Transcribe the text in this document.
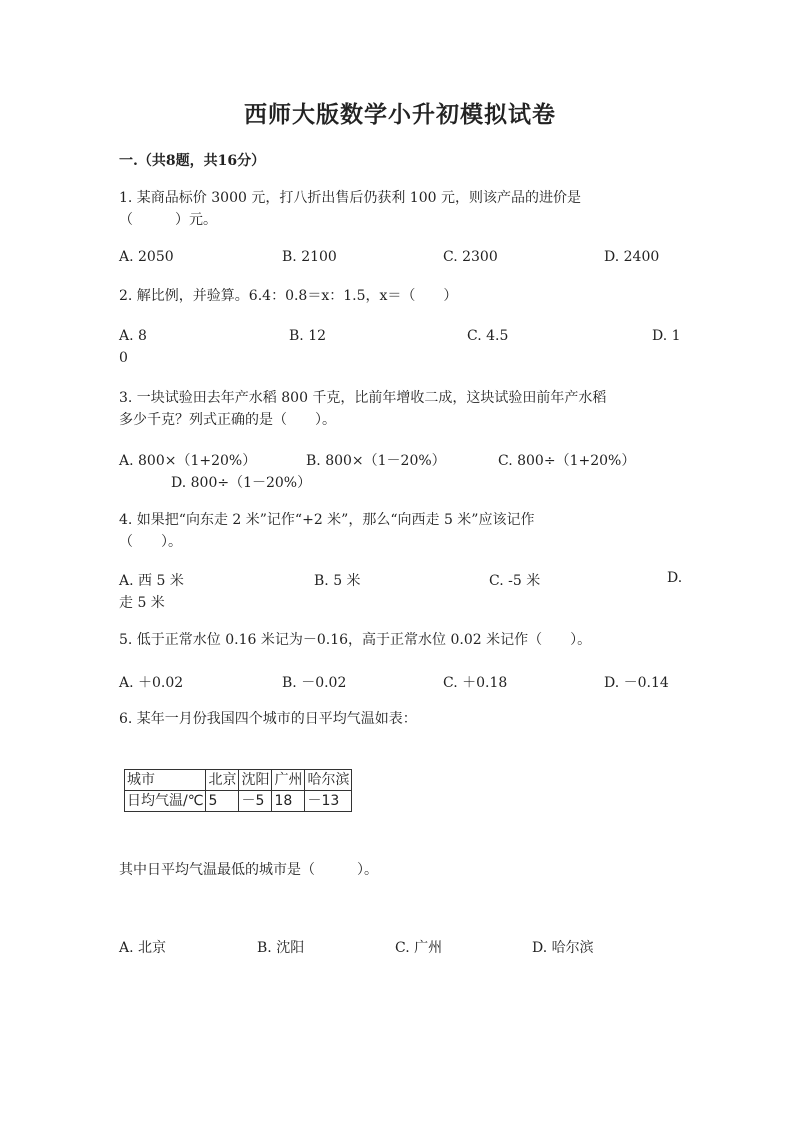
西师大版数学小升初模拟试卷
一.（共8题，共16分）
1. 某商品标价 3000 元，打八折出售后仍获利 100 元，则该产品的进价是
（　　　）元。
A. 2050	B. 2100	C. 2300	D. 2400
2. 解比例，并验算。6.4：0.8＝x：1.5，x＝（　　）
A. 8	B. 12	C. 4.5	D. 1
0
3. 一块试验田去年产水稻 800 千克，比前年增收二成，这块试验田前年产水稻
多少千克？列式正确的是（　　）。
A. 800×（1+20%）	B. 800×（1－20%）	C. 800÷（1+20%）
D. 800÷（1－20%）
4. 如果把“向东走 2 米”记作“+2 米”，那么“向西走 5 米”应该记作
（　　）。
A. 西 5 米	B. 5 米	C. -5 米	D.
走 5 米
5. 低于正常水位 0.16 米记为－0.16，高于正常水位 0.02 米记作（　　）。
A. ＋0.02	B. －0.02	C. ＋0.18	D. －0.14
6. 某年一月份我国四个城市的日平均气温如表：
城市	北京	沈阳	广州	哈尔滨
日均气温/℃	5	－5	18	－13
其中日平均气温最低的城市是（　　　）。
A. 北京	B. 沈阳	C. 广州	D. 哈尔滨
